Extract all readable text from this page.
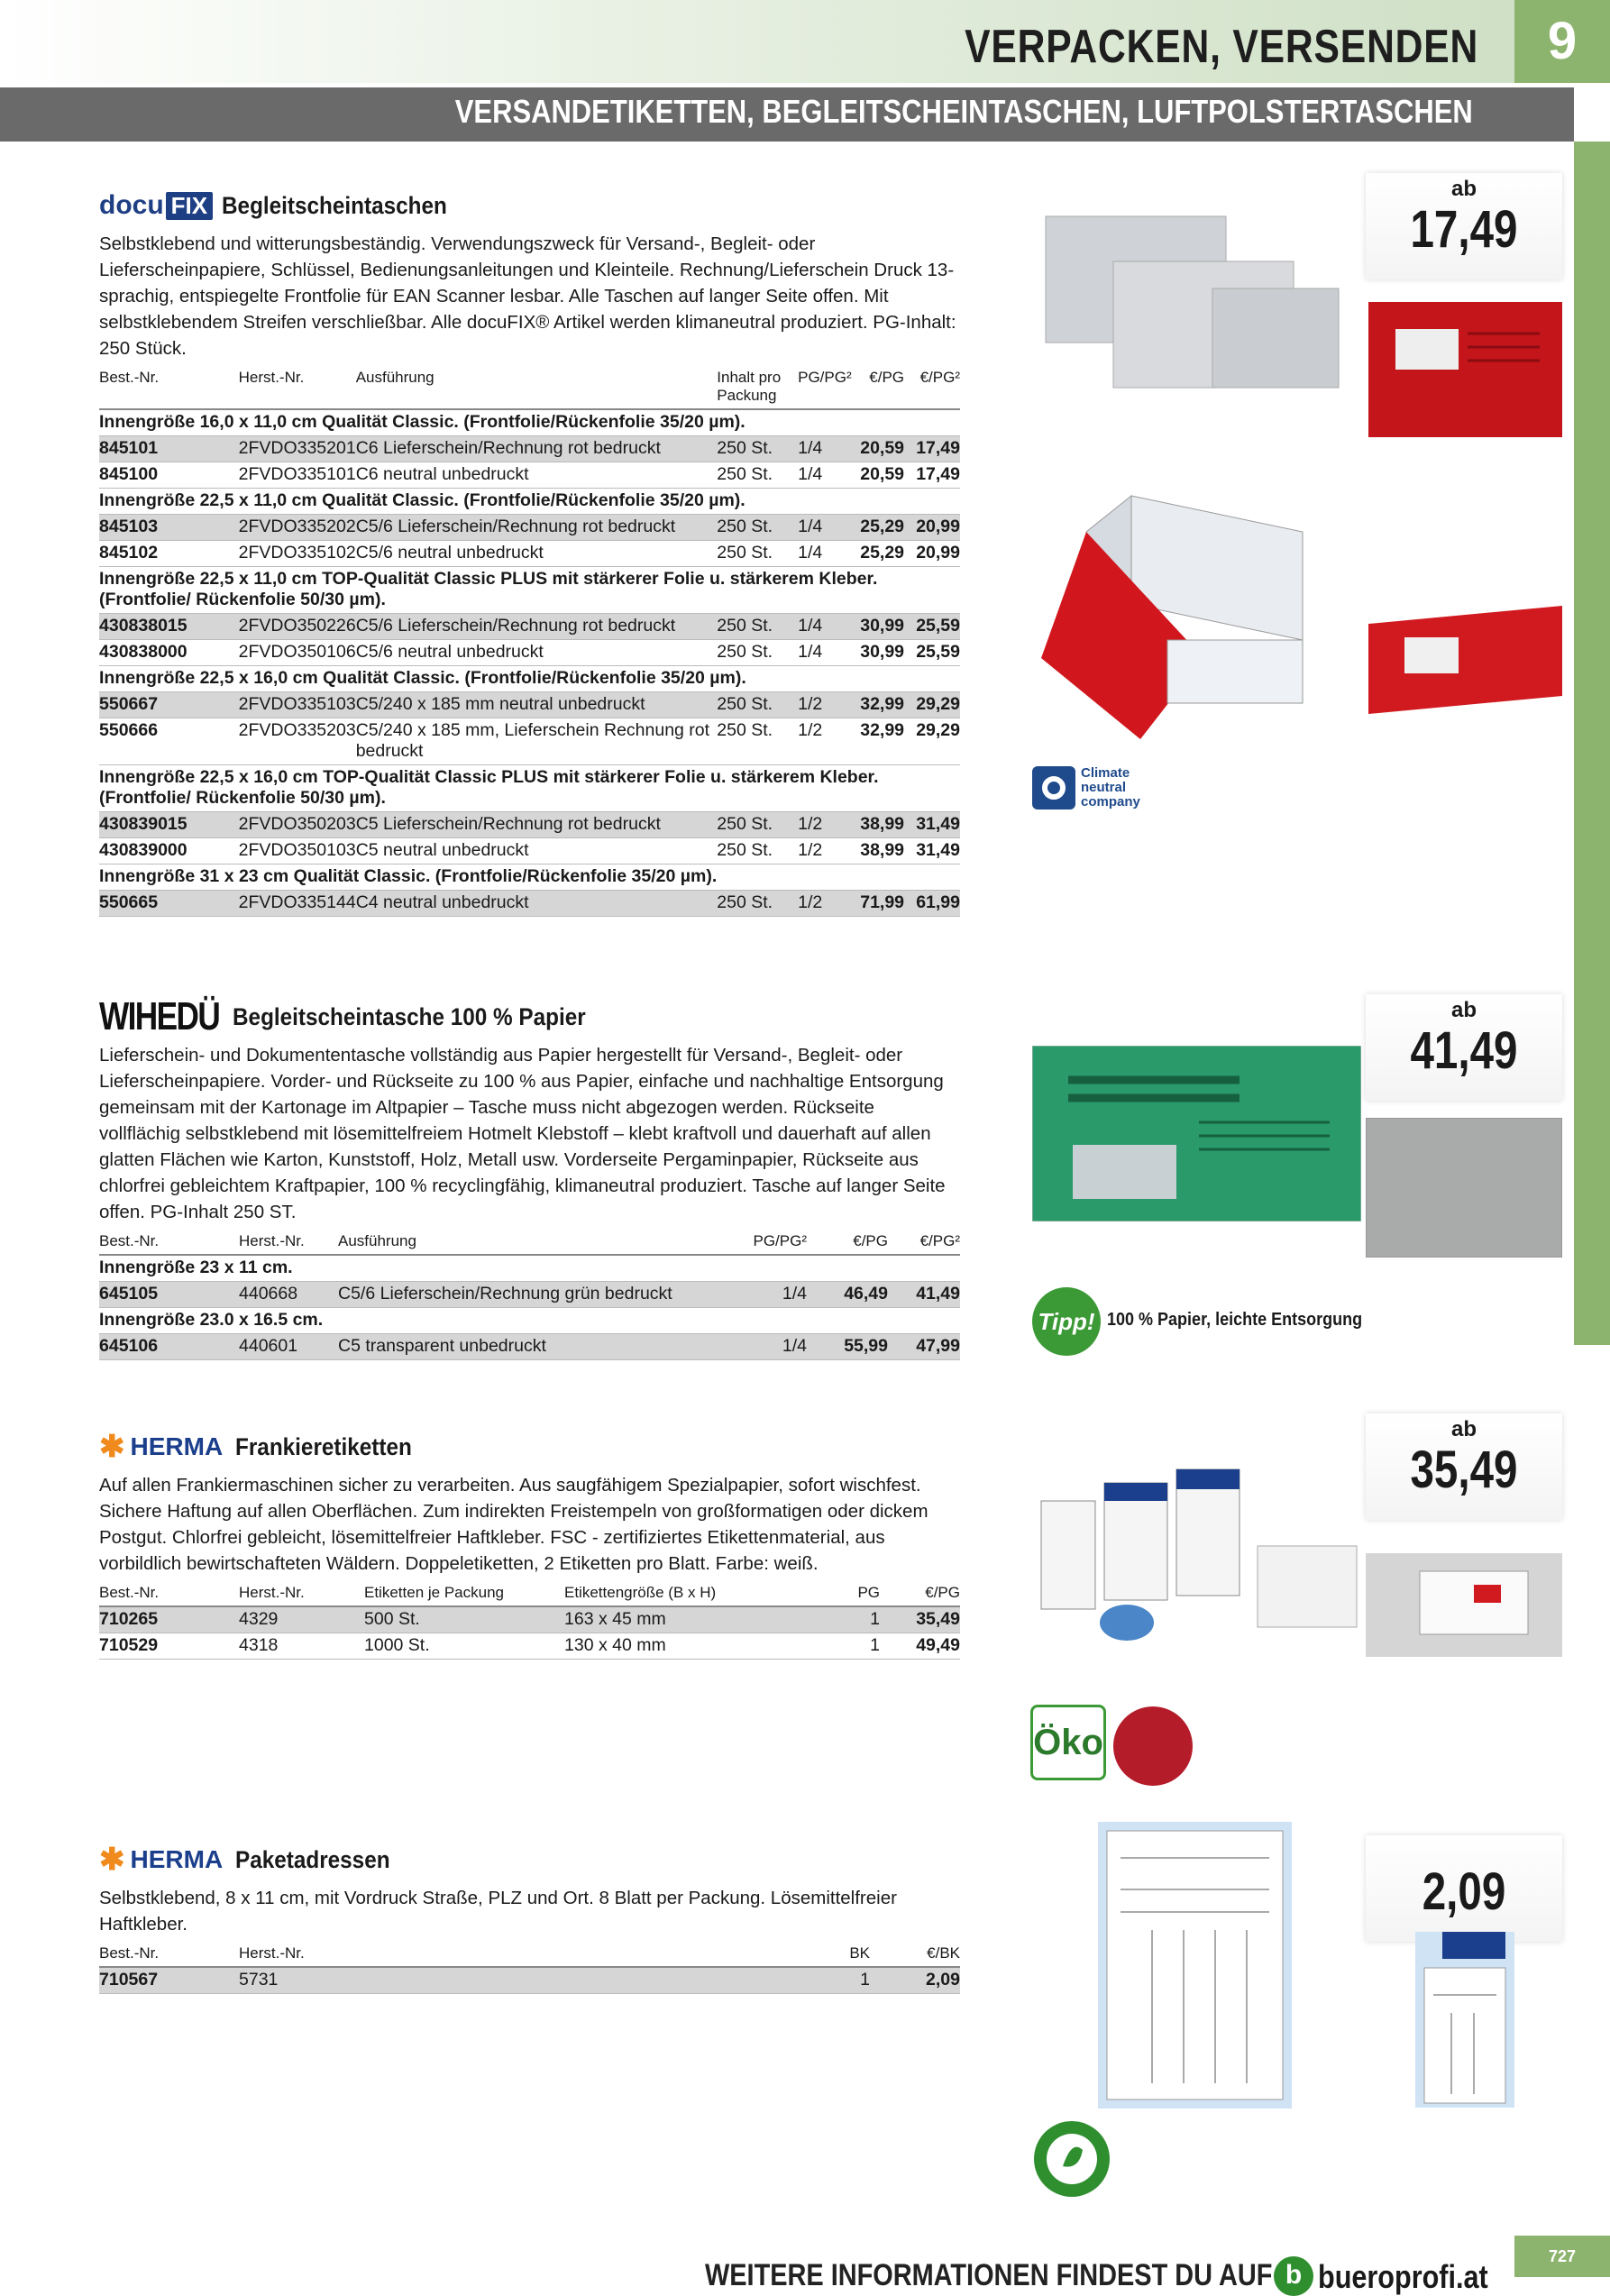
VERPACKEN, VERSENDEN	9
VERSANDETIKETTEN, BEGLEITSCHEINTASCHEN, LUFTPOLSTERTASCHEN
docu FIX Begleitscheintaschen
Selbstklebend und witterungsbeständig. Verwendungszweck für Versand-, Begleit- oder Lieferscheinpapiere, Schlüssel, Bedienungsanleitungen und Kleinteile. Rechnung/Lieferschein Druck 13-sprachig, entspiegelte Frontfolie für EAN Scanner lesbar. Alle Taschen auf langer Seite offen. Mit selbstklebendem Streifen verschließbar. Alle docuFIX® Artikel werden klimaneutral produziert. PG-Inhalt: 250 Stück.
Best.-Nr.	Herst.-Nr.	Ausführung	Inhalt pro Packung	PG/PG²	€/PG	€/PG²
Innengröße 16,0 x 11,0 cm Qualität Classic. (Frontfolie/Rückenfolie 35/20 µm).						
845101	2FVDO335201	C6 Lieferschein/Rechnung rot bedruckt	250 St.	1/4	20,59	17,49
845100	2FVDO335101	C6 neutral unbedruckt	250 St.	1/4	20,59	17,49
Innengröße 22,5 x 11,0 cm Qualität Classic. (Frontfolie/Rückenfolie 35/20 µm).						
845103	2FVDO335202	C5/6 Lieferschein/Rechnung rot bedruckt	250 St.	1/4	25,29	20,99
845102	2FVDO335102	C5/6 neutral unbedruckt	250 St.	1/4	25,29	20,99
Innengröße 22,5 x 11,0 cm TOP-Qualität Classic PLUS mit stärkerer Folie u. stärkerem Kleber. (Frontfolie/ Rückenfolie 50/30 µm).						
430838015	2FVDO350226	C5/6 Lieferschein/Rechnung rot bedruckt	250 St.	1/4	30,99	25,59
430838000	2FVDO350106	C5/6 neutral unbedruckt	250 St.	1/4	30,99	25,59
Innengröße 22,5 x 16,0 cm Qualität Classic. (Frontfolie/Rückenfolie 35/20 µm).						
550667	2FVDO335103	C5/240 x 185 mm neutral unbedruckt	250 St.	1/2	32,99	29,29
550666	2FVDO335203	C5/240 x 185 mm, Lieferschein Rechnung rot bedruckt	250 St.	1/2	32,99	29,29
Innengröße 22,5 x 16,0 cm TOP-Qualität Classic PLUS mit stärkerer Folie u. stärkerem Kleber. (Frontfolie/ Rückenfolie 50/30 µm).						
430839015	2FVDO350203	C5 Lieferschein/Rechnung rot bedruckt	250 St.	1/2	38,99	31,49
430839000	2FVDO350103	C5 neutral unbedruckt	250 St.	1/2	38,99	31,49
Innengröße 31 x 23 cm Qualität Classic. (Frontfolie/Rückenfolie 35/20 µm).						
550665	2FVDO335144	C4 neutral unbedruckt	250 St.	1/2	71,99	61,99
ab
17,49
Climate
neutral
company
WIHEDÜ Begleitscheintasche 100 % Papier
Lieferschein- und Dokumententasche vollständig aus Papier hergestellt für Versand-, Begleit- oder Lieferscheinpapiere. Vorder- und Rückseite zu 100 % aus Papier, einfache und nachhaltige Entsorgung gemeinsam mit der Kartonage im Altpapier – Tasche muss nicht abgezogen werden. Rückseite vollflächig selbstklebend mit lösemittelfreiem Hotmelt Klebstoff – klebt kraftvoll und dauerhaft auf allen glatten Flächen wie Karton, Kunststoff, Holz, Metall usw. Vorderseite Pergaminpapier, Rückseite aus chlorfrei gebleichtem Kraftpapier, 100 % recyclingfähig, klimaneutral produziert. Tasche auf langer Seite offen. PG-Inhalt 250 ST.
Best.-Nr.	Herst.-Nr.	Ausführung	PG/PG²	€/PG	€/PG²
Innengröße 23 x 11 cm.					
645105	440668	C5/6 Lieferschein/Rechnung grün bedruckt	1/4	46,49	41,49
Innengröße 23.0 x 16.5 cm.					
645106	440601	C5 transparent unbedruckt	1/4	55,99	47,99
ab
41,49
Tipp! 100 % Papier, leichte Entsorgung
✱ HERMA Frankieretiketten
Auf allen Frankiermaschinen sicher zu verarbeiten. Aus saugfähigem Spezialpapier, sofort wischfest. Sichere Haftung auf allen Oberflächen. Zum indirekten Freistempeln von großformatigen oder dickem Postgut. Chlorfrei gebleicht, lösemittelfreier Haftkleber. FSC - zertifiziertes Etikettenmaterial, aus vorbildlich bewirtschafteten Wäldern. Doppeletiketten, 2 Etiketten pro Blatt. Farbe: weiß.
Best.-Nr.	Herst.-Nr.	Etiketten je Packung	Etikettengröße (B x H)	PG	€/PG
710265	4329	500 St.	163 x 45 mm	1	35,49
710529	4318	1000 St.	130 x 40 mm	1	49,49
ab
35,49
Öko
✱ HERMA Paketadressen
Selbstklebend, 8 x 11 cm, mit Vordruck Straße, PLZ und Ort. 8 Blatt per Packung. Lösemittelfreier Haftkleber.
Best.-Nr.	Herst.-Nr.	BK	€/BK
710567	5731	1	2,09
2,09
WEITERE INFORMATIONEN FINDEST DU AUF b bueroprofi.at
727
